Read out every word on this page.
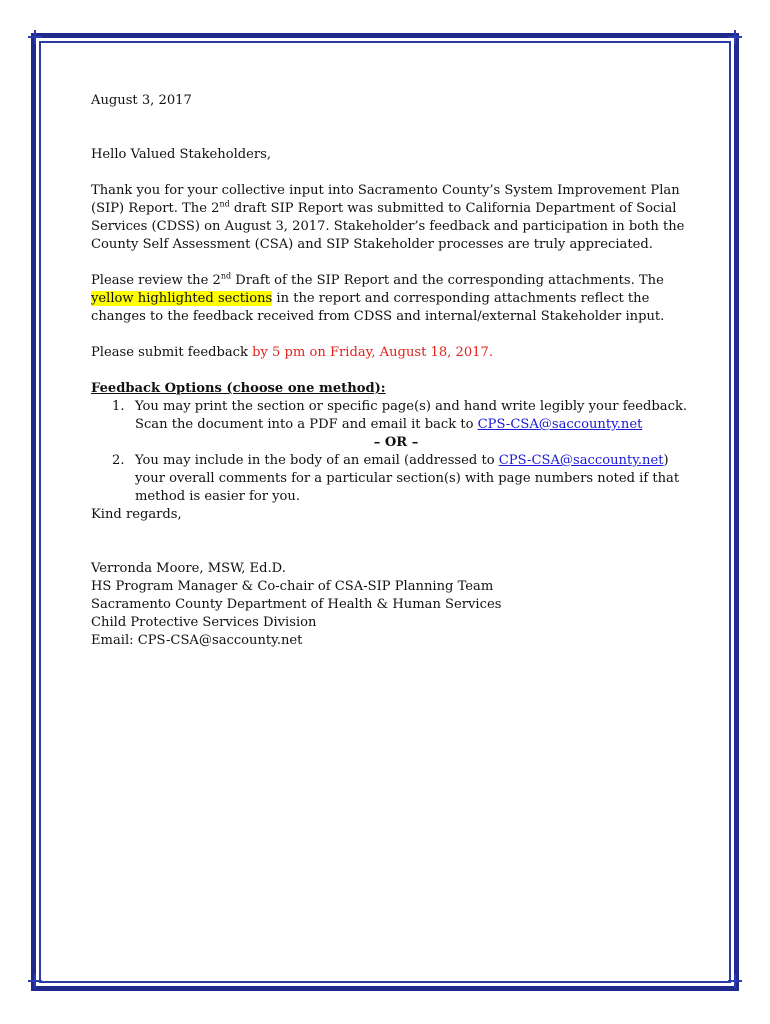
August 3, 2017

Hello Valued Stakeholders,

Thank you for your collective input into Sacramento County’s System Improvement Plan (SIP) Report. The 2nd draft SIP Report was submitted to California Department of Social Services (CDSS) on August 3, 2017. Stakeholder’s feedback and participation in both the County Self Assessment (CSA) and SIP Stakeholder processes are truly appreciated.

Please review the 2nd Draft of the SIP Report and the corresponding attachments. The yellow highlighted sections in the report and corresponding attachments reflect the changes to the feedback received from CDSS and internal/external Stakeholder input.

Please submit feedback by 5 pm on Friday, August 18, 2017.

Feedback Options (choose one method):

1. You may print the section or specific page(s) and hand write legibly your feedback. Scan the document into a PDF and email it back to CPS-CSA@saccounty.net

– OR –

2. You may include in the body of an email (addressed to CPS-CSA@saccounty.net) your overall comments for a particular section(s) with page numbers noted if that method is easier for you.

Kind regards,

Verronda Moore, MSW, Ed.D.

HS Program Manager & Co-chair of CSA-SIP Planning Team

Sacramento County Department of Health & Human Services

Child Protective Services Division

Email: CPS-CSA@saccounty.net
